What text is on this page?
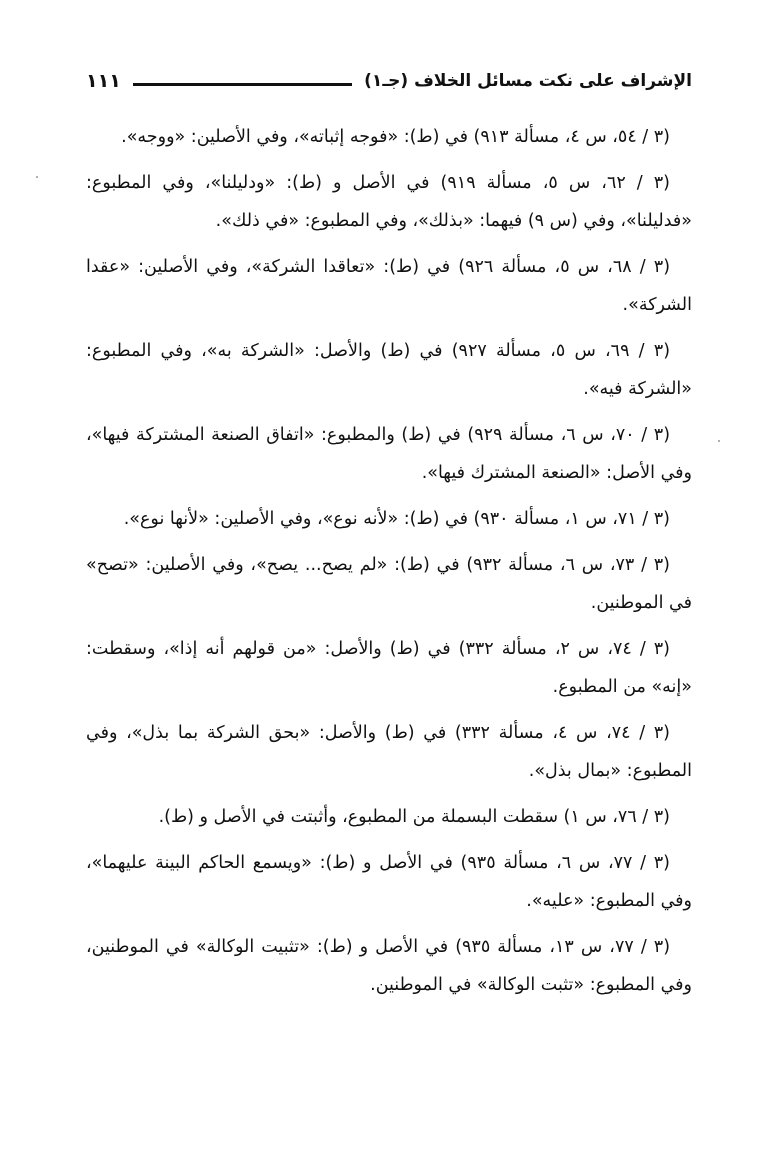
الإشراف على نكت مسائل الخلاف (جـ١)
١١١

(٣ / ٥٤، س ٤، مسألة ٩١٣) في (ط): «فوجه إثباته»، وفي الأصلين: «ووجه».

(٣ / ٦٢، س ٥، مسألة ٩١٩) في الأصل و (ط): «ودليلنا»، وفي المطبوع: «فدليلنا»، وفي (س ٩) فيهما: «بذلك»، وفي المطبوع: «في ذلك».

(٣ / ٦٨، س ٥، مسألة ٩٢٦) في (ط): «تعاقدا الشركة»، وفي الأصلين: «عقدا الشركة».

(٣ / ٦٩، س ٥، مسألة ٩٢٧) في (ط) والأصل: «الشركة به»، وفي المطبوع: «الشركة فيه».

(٣ / ٧٠، س ٦، مسألة ٩٢٩) في (ط) والمطبوع: «اتفاق الصنعة المشتركة فيها»، وفي الأصل: «الصنعة المشترك فيها».

(٣ / ٧١، س ١، مسألة ٩٣٠) في (ط): «لأنه نوع»، وفي الأصلين: «لأنها نوع».

(٣ / ٧٣، س ٦، مسألة ٩٣٢) في (ط): «لم يصح... يصح»، وفي الأصلين: «تصح» في الموطنين.

(٣ / ٧٤، س ٢، مسألة ٣٣٢) في (ط) والأصل: «من قولهم أنه إذا»، وسقطت: «إنه» من المطبوع.

(٣ / ٧٤، س ٤، مسألة ٣٣٢) في (ط) والأصل: «بحق الشركة بما بذل»، وفي المطبوع: «بمال بذل».

(٣ / ٧٦، س ١) سقطت البسملة من المطبوع، وأثبتت في الأصل و (ط).

(٣ / ٧٧، س ٦، مسألة ٩٣٥) في الأصل و (ط): «ويسمع الحاكم البينة عليهما»، وفي المطبوع: «عليه».

(٣ / ٧٧، س ١٣، مسألة ٩٣٥) في الأصل و (ط): «تثبيت الوكالة» في الموطنين، وفي المطبوع: «تثبت الوكالة» في الموطنين.
